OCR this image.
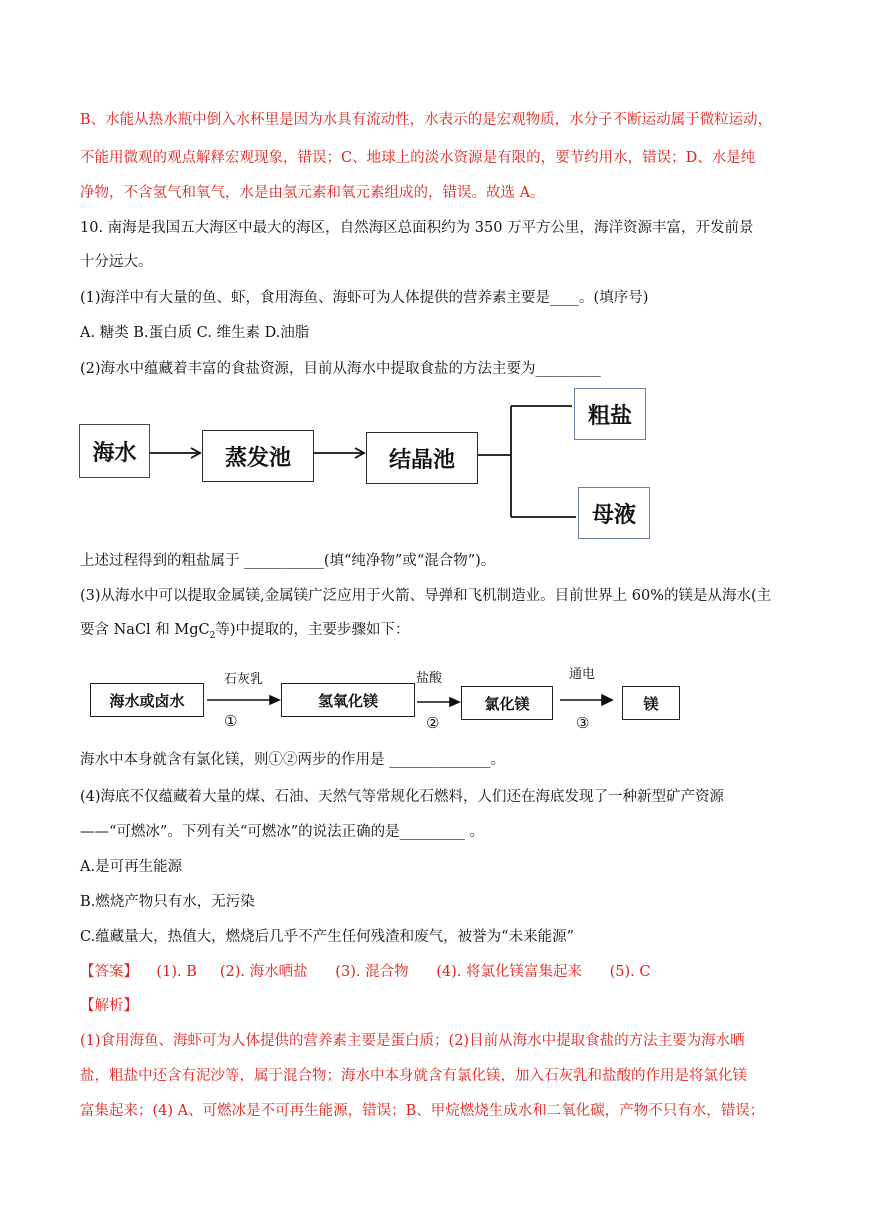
B、水能从热水瓶中倒入水杯里是因为水具有流动性，水表示的是宏观物质，水分子不断运动属于微粒运动，
不能用微观的观点解释宏观现象，错误；C、地球上的淡水资源是有限的，要节约用水，错误；D、水是纯
净物，不含氢气和氧气，水是由氢元素和氧元素组成的，错误。故选 A。
10. 南海是我国五大海区中最大的海区，自然海区总面积约为 350 万平方公里，海洋资源丰富，开发前景
十分远大。
(1)海洋中有大量的鱼、虾，食用海鱼、海虾可为人体提供的营养素主要是____。(填序号)
A. 糖类 B.蛋白质 C. 维生素 D.油脂
(2)海水中蕴藏着丰富的食盐资源，目前从海水中提取食盐的方法主要为_________
海水	蒸发池	结晶池
粗盐
母液
上述过程得到的粗盐属于 ___________(填“纯净物”或“混合物”)。
(3)从海水中可以提取金属镁,金属镁广泛应用于火箭、导弹和飞机制造业。目前世界上 60%的镁是从海水(主
要含 NaCl 和 MgC$_2$等)中提取的，主要步骤如下：
海水或卤水	氢氧化镁	氯化镁	镁
石灰乳	盐酸	通电
①	②	③
海水中本身就含有氯化镁，则①②两步的作用是 ______________。
(4)海底不仅蕴藏着大量的煤、石油、天然气等常规化石燃料，人们还在海底发现了一种新型矿产资源
——“可燃冰”。下列有关“可燃冰”的说法正确的是_________ 。
A.是可再生能源
B.燃烧产物只有水，无污染
C.蕴藏量大，热值大，燃烧后几乎不产生任何残渣和废气，被誉为“未来能源”
【答案】    (1). B     (2). 海水晒盐      (3). 混合物      (4). 将氯化镁富集起来      (5). C
【解析】
(1)食用海鱼、海虾可为人体提供的营养素主要是蛋白质；(2)目前从海水中提取食盐的方法主要为海水晒
盐，粗盐中还含有泥沙等，属于混合物；海水中本身就含有氯化镁，加入石灰乳和盐酸的作用是将氯化镁
富集起来；(4) A、可燃冰是不可再生能源，错误；B、甲烷燃烧生成水和二氧化碳，产物不只有水，错误；
